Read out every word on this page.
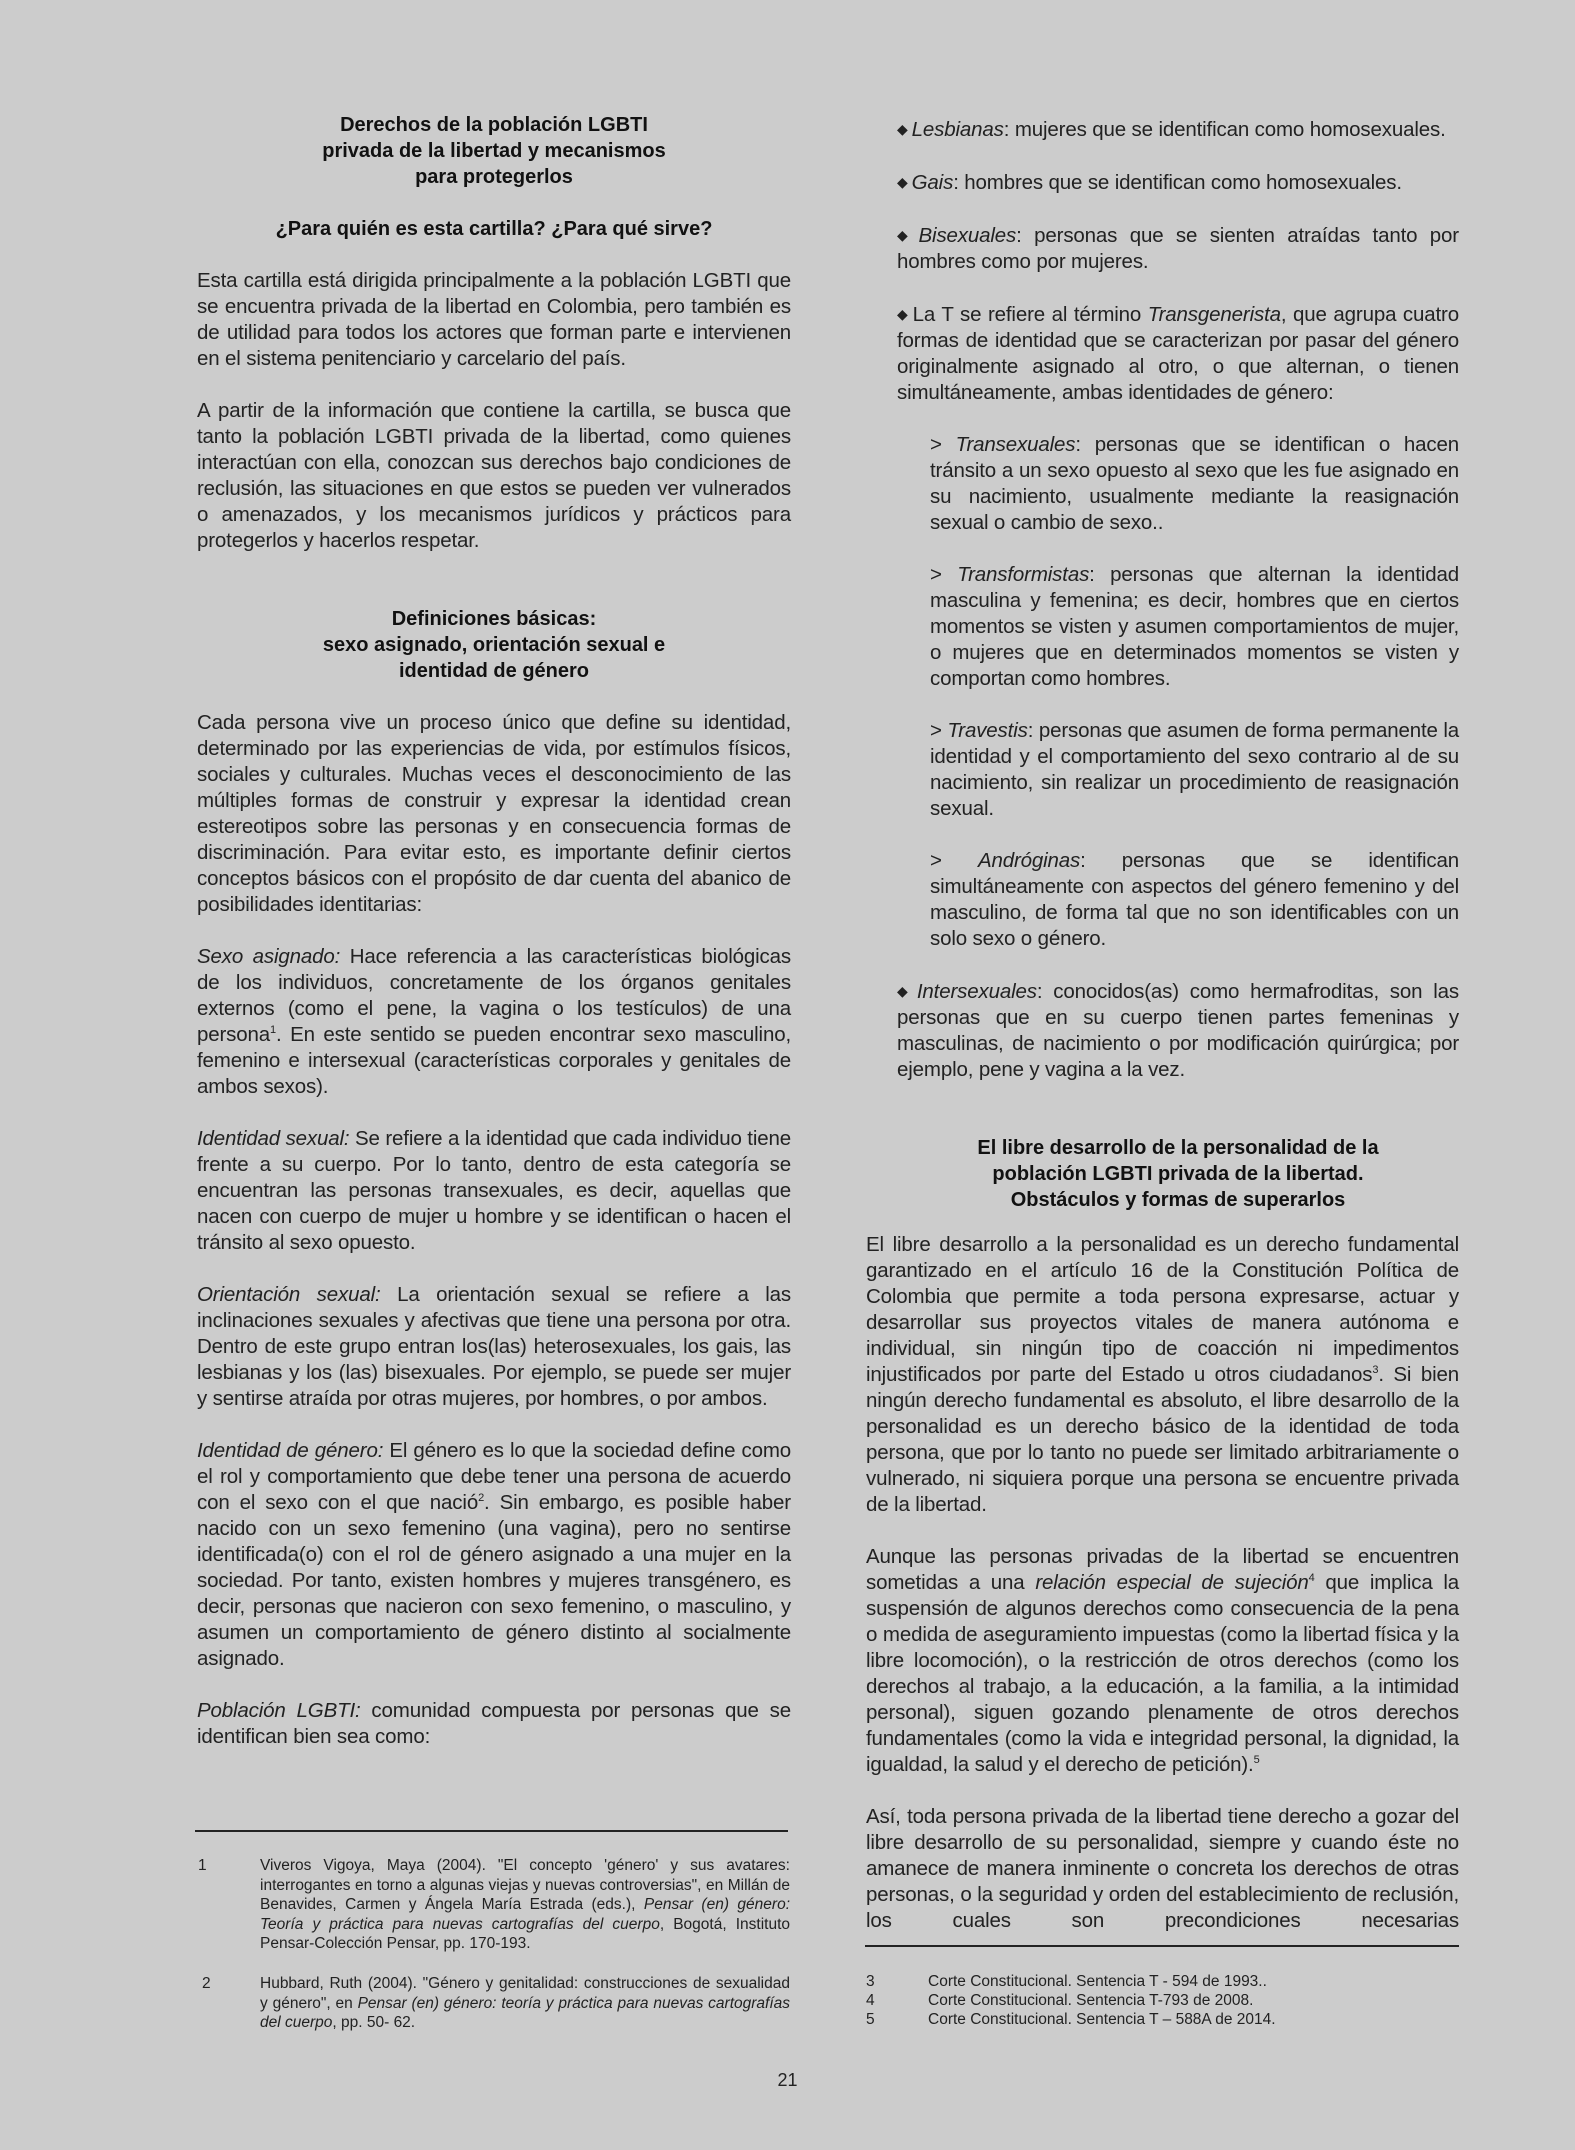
Derechos de la población LGBTI
privada de la libertad y mecanismos
para protegerlos
¿Para quién es esta cartilla? ¿Para qué sirve?

Esta cartilla está dirigida principalmente a la población LGBTI que se encuentra privada de la libertad en Colombia, pero también es de utilidad para todos los actores que forman parte e intervienen en el sistema penitenciario y carcelario del país.

A partir de la información que contiene la cartilla, se busca que tanto la población LGBTI privada de la libertad, como quienes interactúan con ella, conozcan sus derechos bajo condiciones de reclusión, las situaciones en que estos se pueden ver vulnerados o amenazados, y los mecanismos jurídicos y prácticos para protegerlos y hacerlos respetar.

Definiciones básicas:
sexo asignado, orientación sexual e
identidad de género

Cada persona vive un proceso único que define su identidad, determinado por las experiencias de vida, por estímulos físicos, sociales y culturales. Muchas veces el desconocimiento de las múltiples formas de construir y expresar la identidad crean estereotipos sobre las personas y en consecuencia formas de discriminación. Para evitar esto, es importante definir ciertos conceptos básicos con el propósito de dar cuenta del abanico de posibilidades identitarias:

Sexo asignado: Hace referencia a las características biológicas de los individuos, concretamente de los órganos genitales externos (como el pene, la vagina o los testículos) de una persona$^1$. En este sentido se pueden encontrar sexo masculino, femenino e intersexual (características corporales y genitales de ambos sexos).

Identidad sexual: Se refiere a la identidad que cada individuo tiene frente a su cuerpo. Por lo tanto, dentro de esta categoría se encuentran las personas transexuales, es decir, aquellas que nacen con cuerpo de mujer u hombre y se identifican o hacen el tránsito al sexo opuesto.

Orientación sexual: La orientación sexual se refiere a las inclinaciones sexuales y afectivas que tiene una persona por otra. Dentro de este grupo entran los(las) heterosexuales, los gais, las lesbianas y los (las) bisexuales. Por ejemplo, se puede ser mujer y sentirse atraída por otras mujeres, por hombres, o por ambos.

Identidad de género: El género es lo que la sociedad define como el rol y comportamiento que debe tener una persona de acuerdo con el sexo con el que nació$^2$. Sin embargo, es posible haber nacido con un sexo femenino (una vagina), pero no sentirse identificada(o) con el rol de género asignado a una mujer en la sociedad. Por tanto, existen hombres y mujeres transgénero, es decir, personas que nacieron con sexo femenino, o masculino, y asumen un comportamiento de género distinto al socialmente asignado.

Población LGBTI: comunidad compuesta por personas que se identifican bien sea como:

1	Viveros Vigoya, Maya (2004). "El concepto 'género' y sus avatares: interrogantes en torno a algunas viejas y nuevas controversias", en Millán de Benavides, Carmen y Ángela María Estrada (eds.), Pensar (en) género: Teoría y práctica para nuevas cartografías del cuerpo, Bogotá, Instituto Pensar-Colección Pensar, pp. 170-193.
2	Hubbard, Ruth (2004). "Género y genitalidad: construcciones de sexualidad y género", en Pensar (en) género: teoría y práctica para nuevas cartografías del cuerpo, pp. 50- 62.

◆ Lesbianas: mujeres que se identifican como homosexuales.

◆ Gais: hombres que se identifican como homosexuales.

◆ Bisexuales: personas que se sienten atraídas tanto por hombres como por mujeres.

◆ La T se refiere al término Transgenerista, que agrupa cuatro formas de identidad que se caracterizan por pasar del género originalmente asignado al otro, o que alternan, o tienen simultáneamente, ambas identidades de género:

> Transexuales: personas que se identifican o hacen tránsito a un sexo opuesto al sexo que les fue asignado en su nacimiento, usualmente mediante la reasignación sexual o cambio de sexo..

> Transformistas: personas que alternan la identidad masculina y femenina; es decir, hombres que en ciertos momentos se visten y asumen comportamientos de mujer, o mujeres que en determinados momentos se visten y comportan como hombres.

> Travestis: personas que asumen de forma permanente la identidad y el comportamiento del sexo contrario al de su nacimiento, sin realizar un procedimiento de reasignación sexual.

> Andróginas: personas que se identifican simultáneamente con aspectos del género femenino y del masculino, de forma tal que no son identificables con un solo sexo o género.

◆ Intersexuales: conocidos(as) como hermafroditas, son las personas que en su cuerpo tienen partes femeninas y masculinas, de nacimiento o por modificación quirúrgica; por ejemplo, pene y vagina a la vez.

El libre desarrollo de la personalidad de la
población LGBTI privada de la libertad.
Obstáculos y formas de superarlos

El libre desarrollo a la personalidad es un derecho fundamental garantizado en el artículo 16 de la Constitución Política de Colombia que permite a toda persona expresarse, actuar y desarrollar sus proyectos vitales de manera autónoma e individual, sin ningún tipo de coacción ni impedimentos injustificados por parte del Estado u otros ciudadanos$^3$. Si bien ningún derecho fundamental es absoluto, el libre desarrollo de la personalidad es un derecho básico de la identidad de toda persona, que por lo tanto no puede ser limitado arbitrariamente o vulnerado, ni siquiera porque una persona se encuentre privada de la libertad.

Aunque las personas privadas de la libertad se encuentren sometidas a una relación especial de sujeción$^4$ que implica la suspensión de algunos derechos como consecuencia de la pena o medida de aseguramiento impuestas (como la libertad física y la libre locomoción), o la restricción de otros derechos (como los derechos al trabajo, a la educación, a la familia, a la intimidad personal), siguen gozando plenamente de otros derechos fundamentales (como la vida e integridad personal, la dignidad, la igualdad, la salud y el derecho de petición).$^5$

Así, toda persona privada de la libertad tiene derecho a gozar del libre desarrollo de su personalidad, siempre y cuando éste no amanece de manera inminente o concreta los derechos de otras personas, o la seguridad y orden del establecimiento de reclusión, los cuales son precondiciones necesarias

3	Corte Constitucional. Sentencia T - 594 de 1993..
4	Corte Constitucional. Sentencia T-793 de 2008.
5	Corte Constitucional. Sentencia T – 588A de 2014.
21
